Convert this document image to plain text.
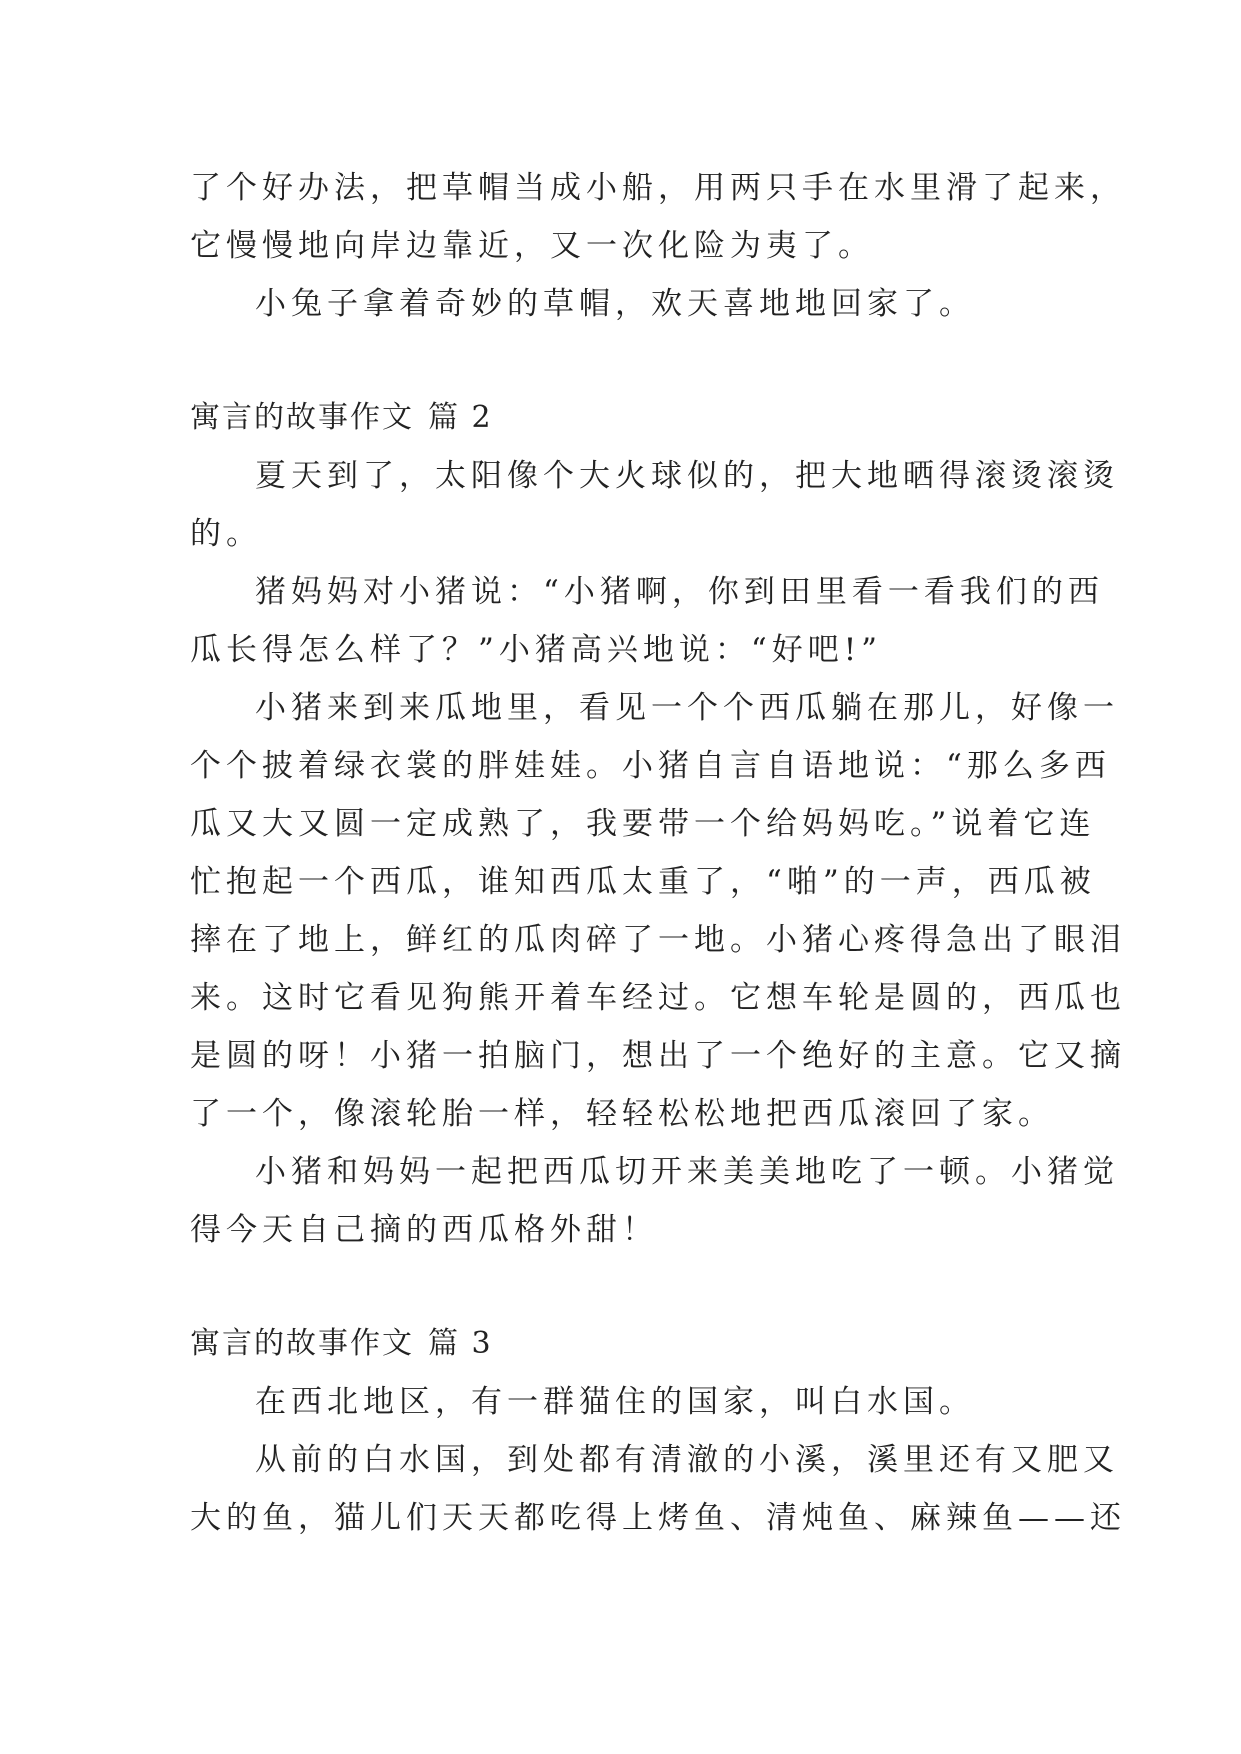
了个好办法，把草帽当成小船，用两只手在水里滑了起来，
它慢慢地向岸边靠近，又一次化险为夷了。
小兔子拿着奇妙的草帽，欢天喜地地回家了。
寓言的故事作文 篇 2
夏天到了，太阳像个大火球似的，把大地晒得滚烫滚烫
的。
猪妈妈对小猪说：“小猪啊，你到田里看一看我们的西
瓜长得怎么样了？”小猪高兴地说：“好吧!”
小猪来到来瓜地里，看见一个个西瓜躺在那儿，好像一
个个披着绿衣裳的胖娃娃。小猪自言自语地说：“那么多西
瓜又大又圆一定成熟了，我要带一个给妈妈吃。”说着它连
忙抱起一个西瓜，谁知西瓜太重了，“啪”的一声，西瓜被
摔在了地上，鲜红的瓜肉碎了一地。小猪心疼得急出了眼泪
来。这时它看见狗熊开着车经过。它想车轮是圆的，西瓜也
是圆的呀！小猪一拍脑门，想出了一个绝好的主意。它又摘
了一个，像滚轮胎一样，轻轻松松地把西瓜滚回了家。
小猪和妈妈一起把西瓜切开来美美地吃了一顿。小猪觉
得今天自己摘的西瓜格外甜！
寓言的故事作文 篇 3
在西北地区，有一群猫住的国家，叫白水国。
从前的白水国，到处都有清澈的小溪，溪里还有又肥又
大的鱼，猫儿们天天都吃得上烤鱼、清炖鱼、麻辣鱼——还
